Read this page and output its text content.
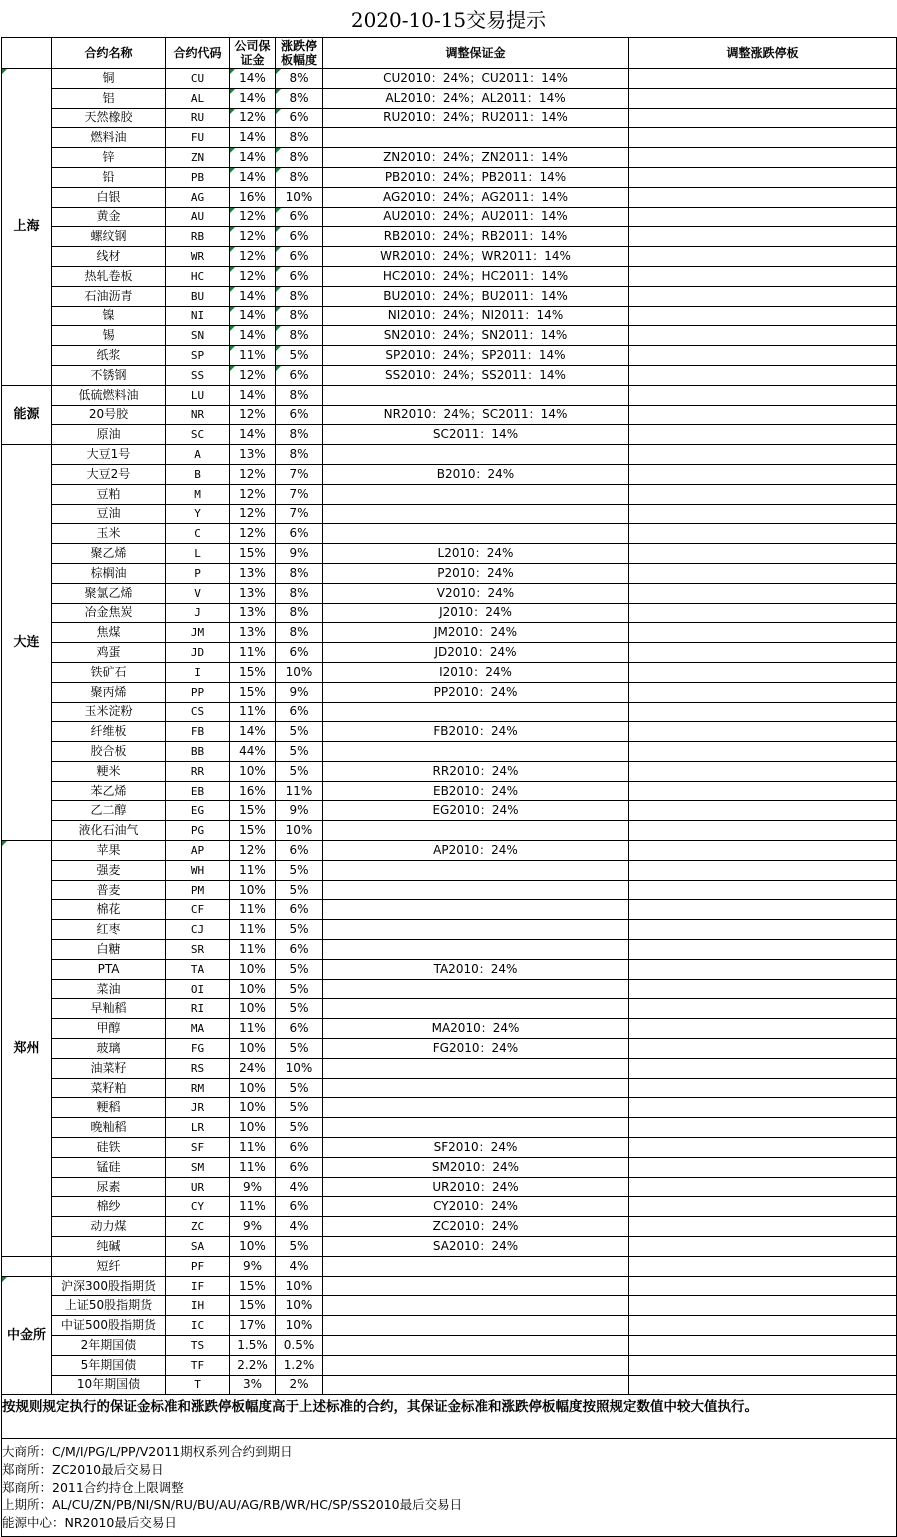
2020-10-15交易提示
	合约名称	合约代码	公司保证金	涨跌停板幅度	调整保证金	调整涨跌停板
上海	铜	CU	14%	8%	CU2010：24%；CU2011：14%	
	铝	AL	14%	8%	AL2010：24%；AL2011：14%	
	天然橡胶	RU	12%	6%	RU2010：24%；RU2011：14%	
	燃料油	FU	14%	8%		
	锌	ZN	14%	8%	ZN2010：24%；ZN2011：14%	
	铅	PB	14%	8%	PB2010：24%；PB2011：14%	
	白银	AG	16%	10%	AG2010：24%；AG2011：14%	
	黄金	AU	12%	6%	AU2010：24%；AU2011：14%	
	螺纹钢	RB	12%	6%	RB2010：24%；RB2011：14%	
	线材	WR	12%	6%	WR2010：24%；WR2011：14%	
	热轧卷板	HC	12%	6%	HC2010：24%；HC2011：14%	
	石油沥青	BU	14%	8%	BU2010：24%；BU2011：14%	
	镍	NI	14%	8%	NI2010：24%；NI2011：14%	
	锡	SN	14%	8%	SN2010：24%；SN2011：14%	
	纸浆	SP	11%	5%	SP2010：24%；SP2011：14%	
	不锈钢	SS	12%	6%	SS2010：24%；SS2011：14%	
能源	低硫燃料油	LU	14%	8%		
	20号胶	NR	12%	6%	NR2010：24%；SC2011：14%	
	原油	SC	14%	8%	SC2011：14%	
大连	大豆1号	A	13%	8%		
	大豆2号	B	12%	7%	B2010：24%	
	豆粕	M	12%	7%		
	豆油	Y	12%	7%		
	玉米	C	12%	6%		
	聚乙烯	L	15%	9%	L2010：24%	
	棕榈油	P	13%	8%	P2010：24%	
	聚氯乙烯	V	13%	8%	V2010：24%	
	冶金焦炭	J	13%	8%	J2010：24%	
	焦煤	JM	13%	8%	JM2010：24%	
	鸡蛋	JD	11%	6%	JD2010：24%	
	铁矿石	I	15%	10%	I2010：24%	
	聚丙烯	PP	15%	9%	PP2010：24%	
	玉米淀粉	CS	11%	6%		
	纤维板	FB	14%	5%	FB2010：24%	
	胶合板	BB	44%	5%		
	粳米	RR	10%	5%	RR2010：24%	
	苯乙烯	EB	16%	11%	EB2010：24%	
	乙二醇	EG	15%	9%	EG2010：24%	
	液化石油气	PG	15%	10%		
郑州	苹果	AP	12%	6%	AP2010：24%	
	强麦	WH	11%	5%		
	普麦	PM	10%	5%		
	棉花	CF	11%	6%		
	红枣	CJ	11%	5%		
	白糖	SR	11%	6%		
	PTA	TA	10%	5%	TA2010：24%	
	菜油	OI	10%	5%		
	早籼稻	RI	10%	5%		
	甲醇	MA	11%	6%	MA2010：24%	
	玻璃	FG	10%	5%	FG2010：24%	
	油菜籽	RS	24%	10%		
	菜籽粕	RM	10%	5%		
	粳稻	JR	10%	5%		
	晚籼稻	LR	10%	5%		
	硅铁	SF	11%	6%	SF2010：24%	
	锰硅	SM	11%	6%	SM2010：24%	
	尿素	UR	9%	4%	UR2010：24%	
	棉纱	CY	11%	6%	CY2010：24%	
	动力煤	ZC	9%	4%	ZC2010：24%	
	纯碱	SA	10%	5%	SA2010：24%	
	短纤	PF	9%	4%		
中金所	沪深300股指期货	IF	15%	10%		
	上证50股指期货	IH	15%	10%		
	中证500股指期货	IC	17%	10%		
	2年期国债	TS	1.5%	0.5%		
	5年期国债	TF	2.2%	1.2%		
	10年期国债	T	3%	2%		
按规则规定执行的保证金标准和涨跌停板幅度高于上述标准的合约，其保证金标准和涨跌停板幅度按照规定数值中较大值执行。						

大商所：C/M/I/PG/L/PP/V2011期权系列合约到期日
郑商所：ZC2010最后交易日
郑商所：2011合约持仓上限调整
上期所：AL/CU/ZN/PB/NI/SN/RU/BU/AU/AG/RB/WR/HC/SP/SS2010最后交易日
能源中心：NR2010最后交易日						
